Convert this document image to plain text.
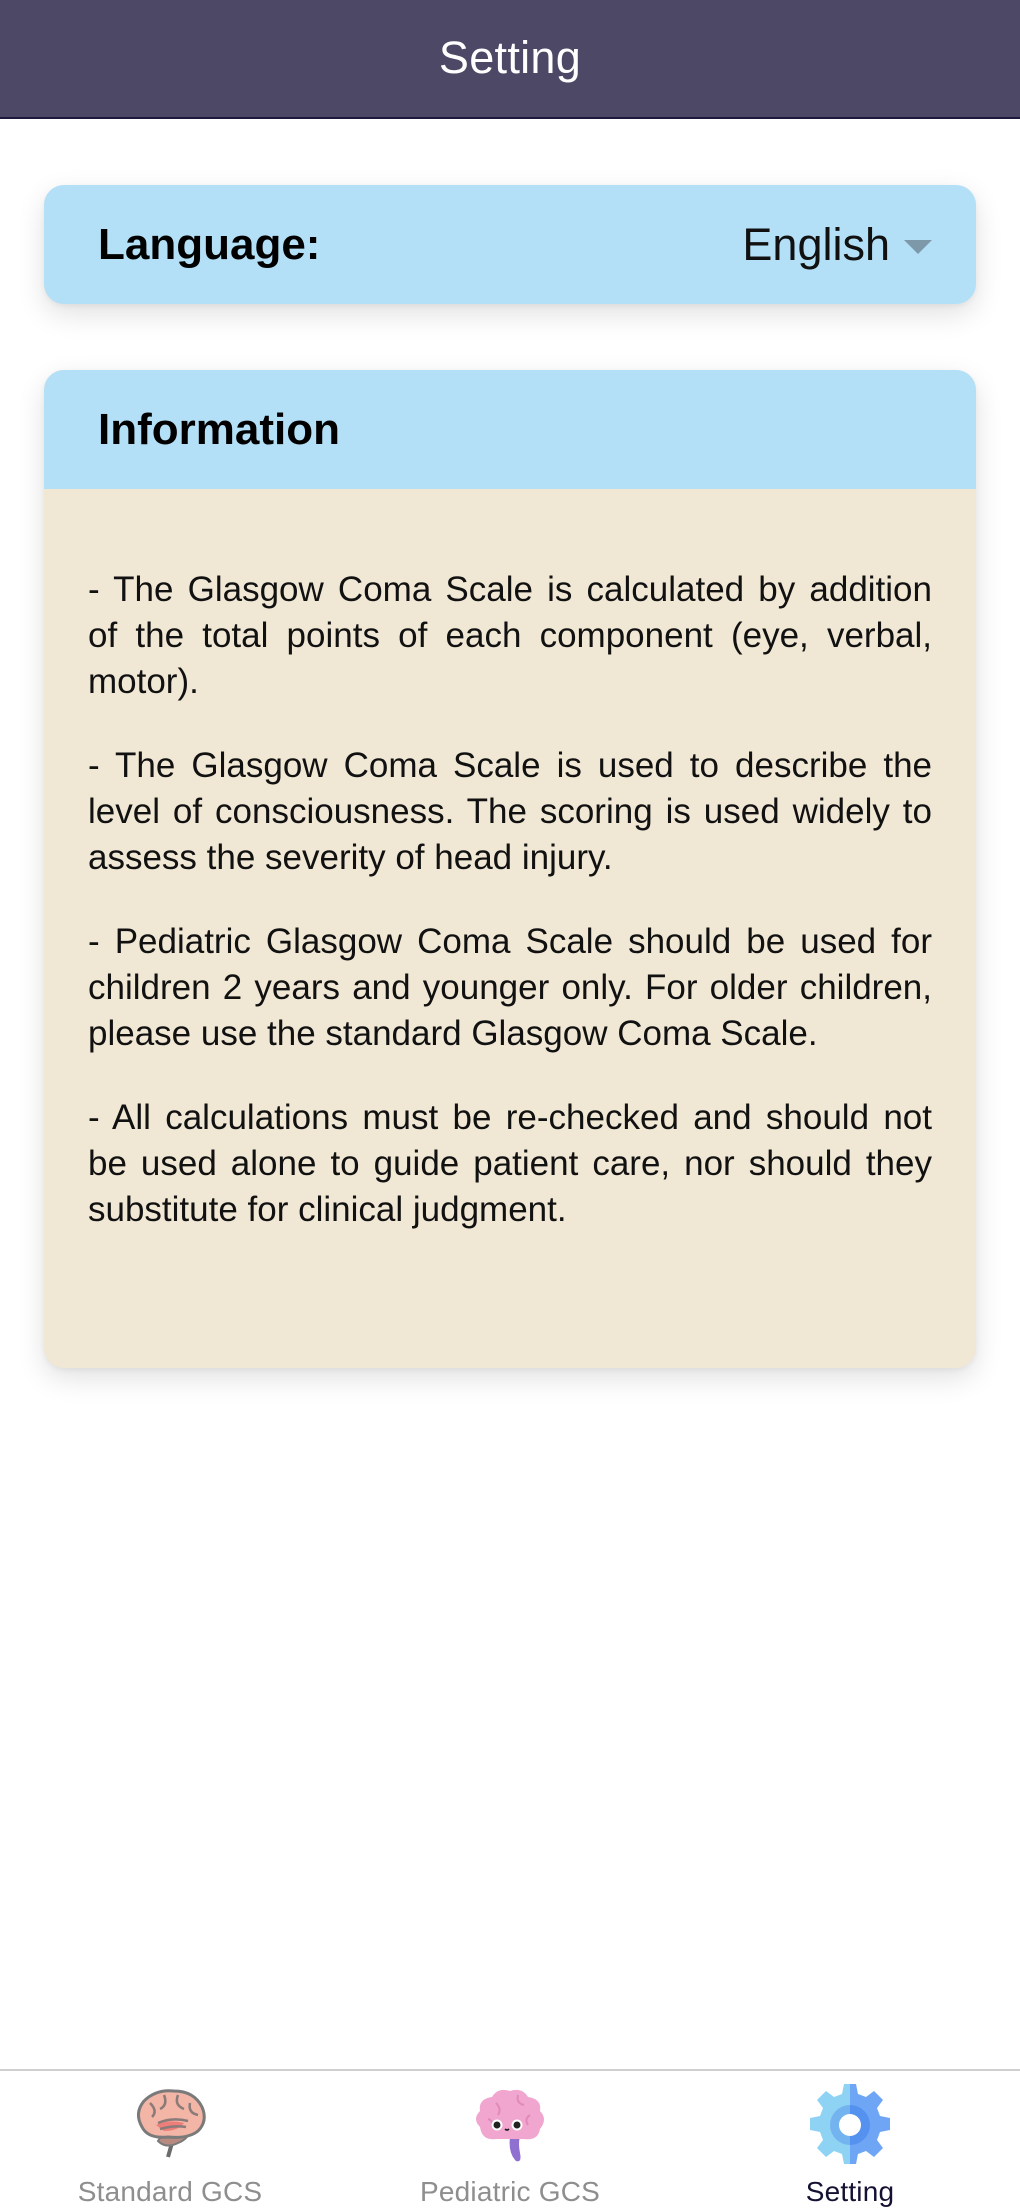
Setting
Language:	English
Information

- The Glasgow Coma Scale is calculated by addition of the total points of each component (eye, verbal, motor).

- The Glasgow Coma Scale is used to describe the level of consciousness. The scoring is used widely to assess the severity of head injury.

- Pediatric Glasgow Coma Scale should be used for children 2 years and younger only. For older children, please use the standard Glasgow Coma Scale.

- All calculations must be re-checked and should not be used alone to guide patient care, nor should they substitute for clinical judgment.

Standard GCS	Pediatric GCS	Setting
